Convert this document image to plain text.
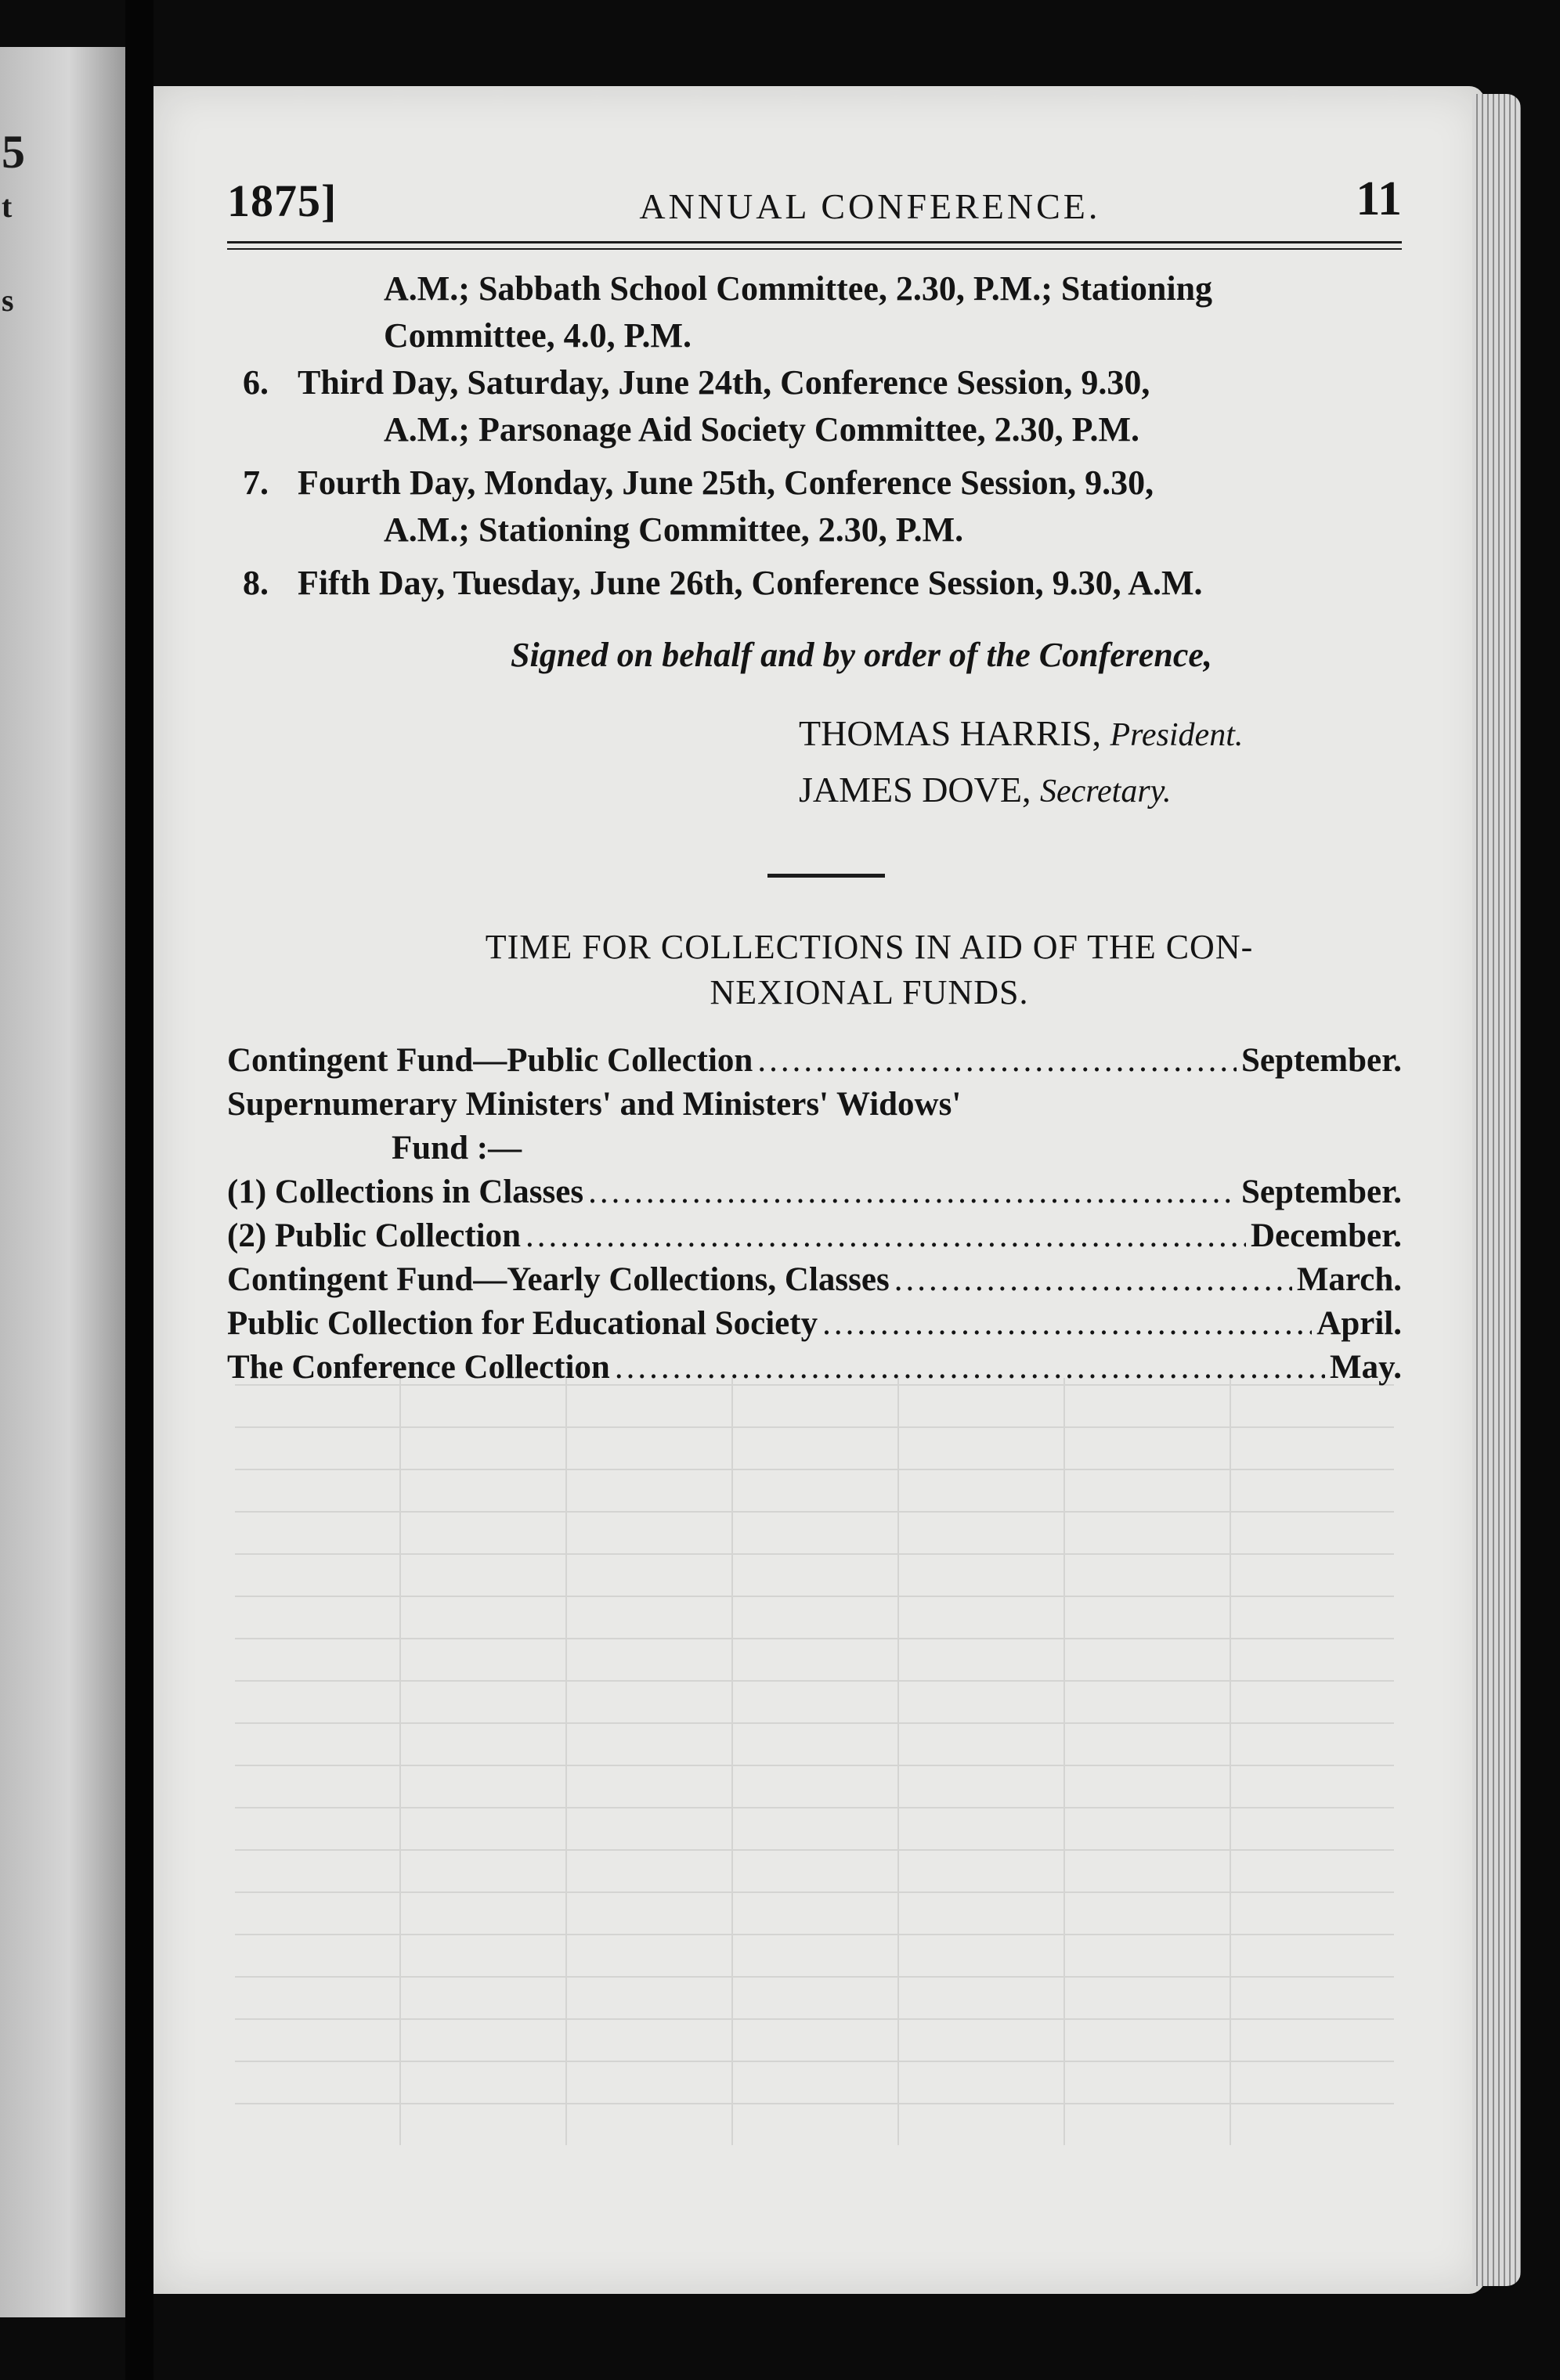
5
t
s
1875]	ANNUAL CONFERENCE.	11
A.M.; Sabbath School Committee, 2.30, P.M.; Stationing
Committee, 4.0, P.M.
6. Third Day, Saturday, June 24th, Conference Session, 9.30,
A.M.; Parsonage Aid Society Committee, 2.30, P.M.
7. Fourth Day, Monday, June 25th, Conference Session, 9.30,
A.M.; Stationing Committee, 2.30, P.M.
8. Fifth Day, Tuesday, June 26th, Conference Session, 9.30, A.M.
Signed on behalf and by order of the Conference,
THOMAS HARRIS, President.
JAMES DOVE, Secretary.
TIME FOR COLLECTIONS IN AID OF THE CON-
NEXIONAL FUNDS.
Contingent Fund—Public Collection .....	September.
Supernumerary Ministers' and Ministers' Widows'
Fund :—
(1) Collections in Classes .....	September.
(2) Public Collection .....	December.
Contingent Fund—Yearly Collections, Classes .....	March.
Public Collection for Educational Society .....	April.
The Conference Collection .....	May.
